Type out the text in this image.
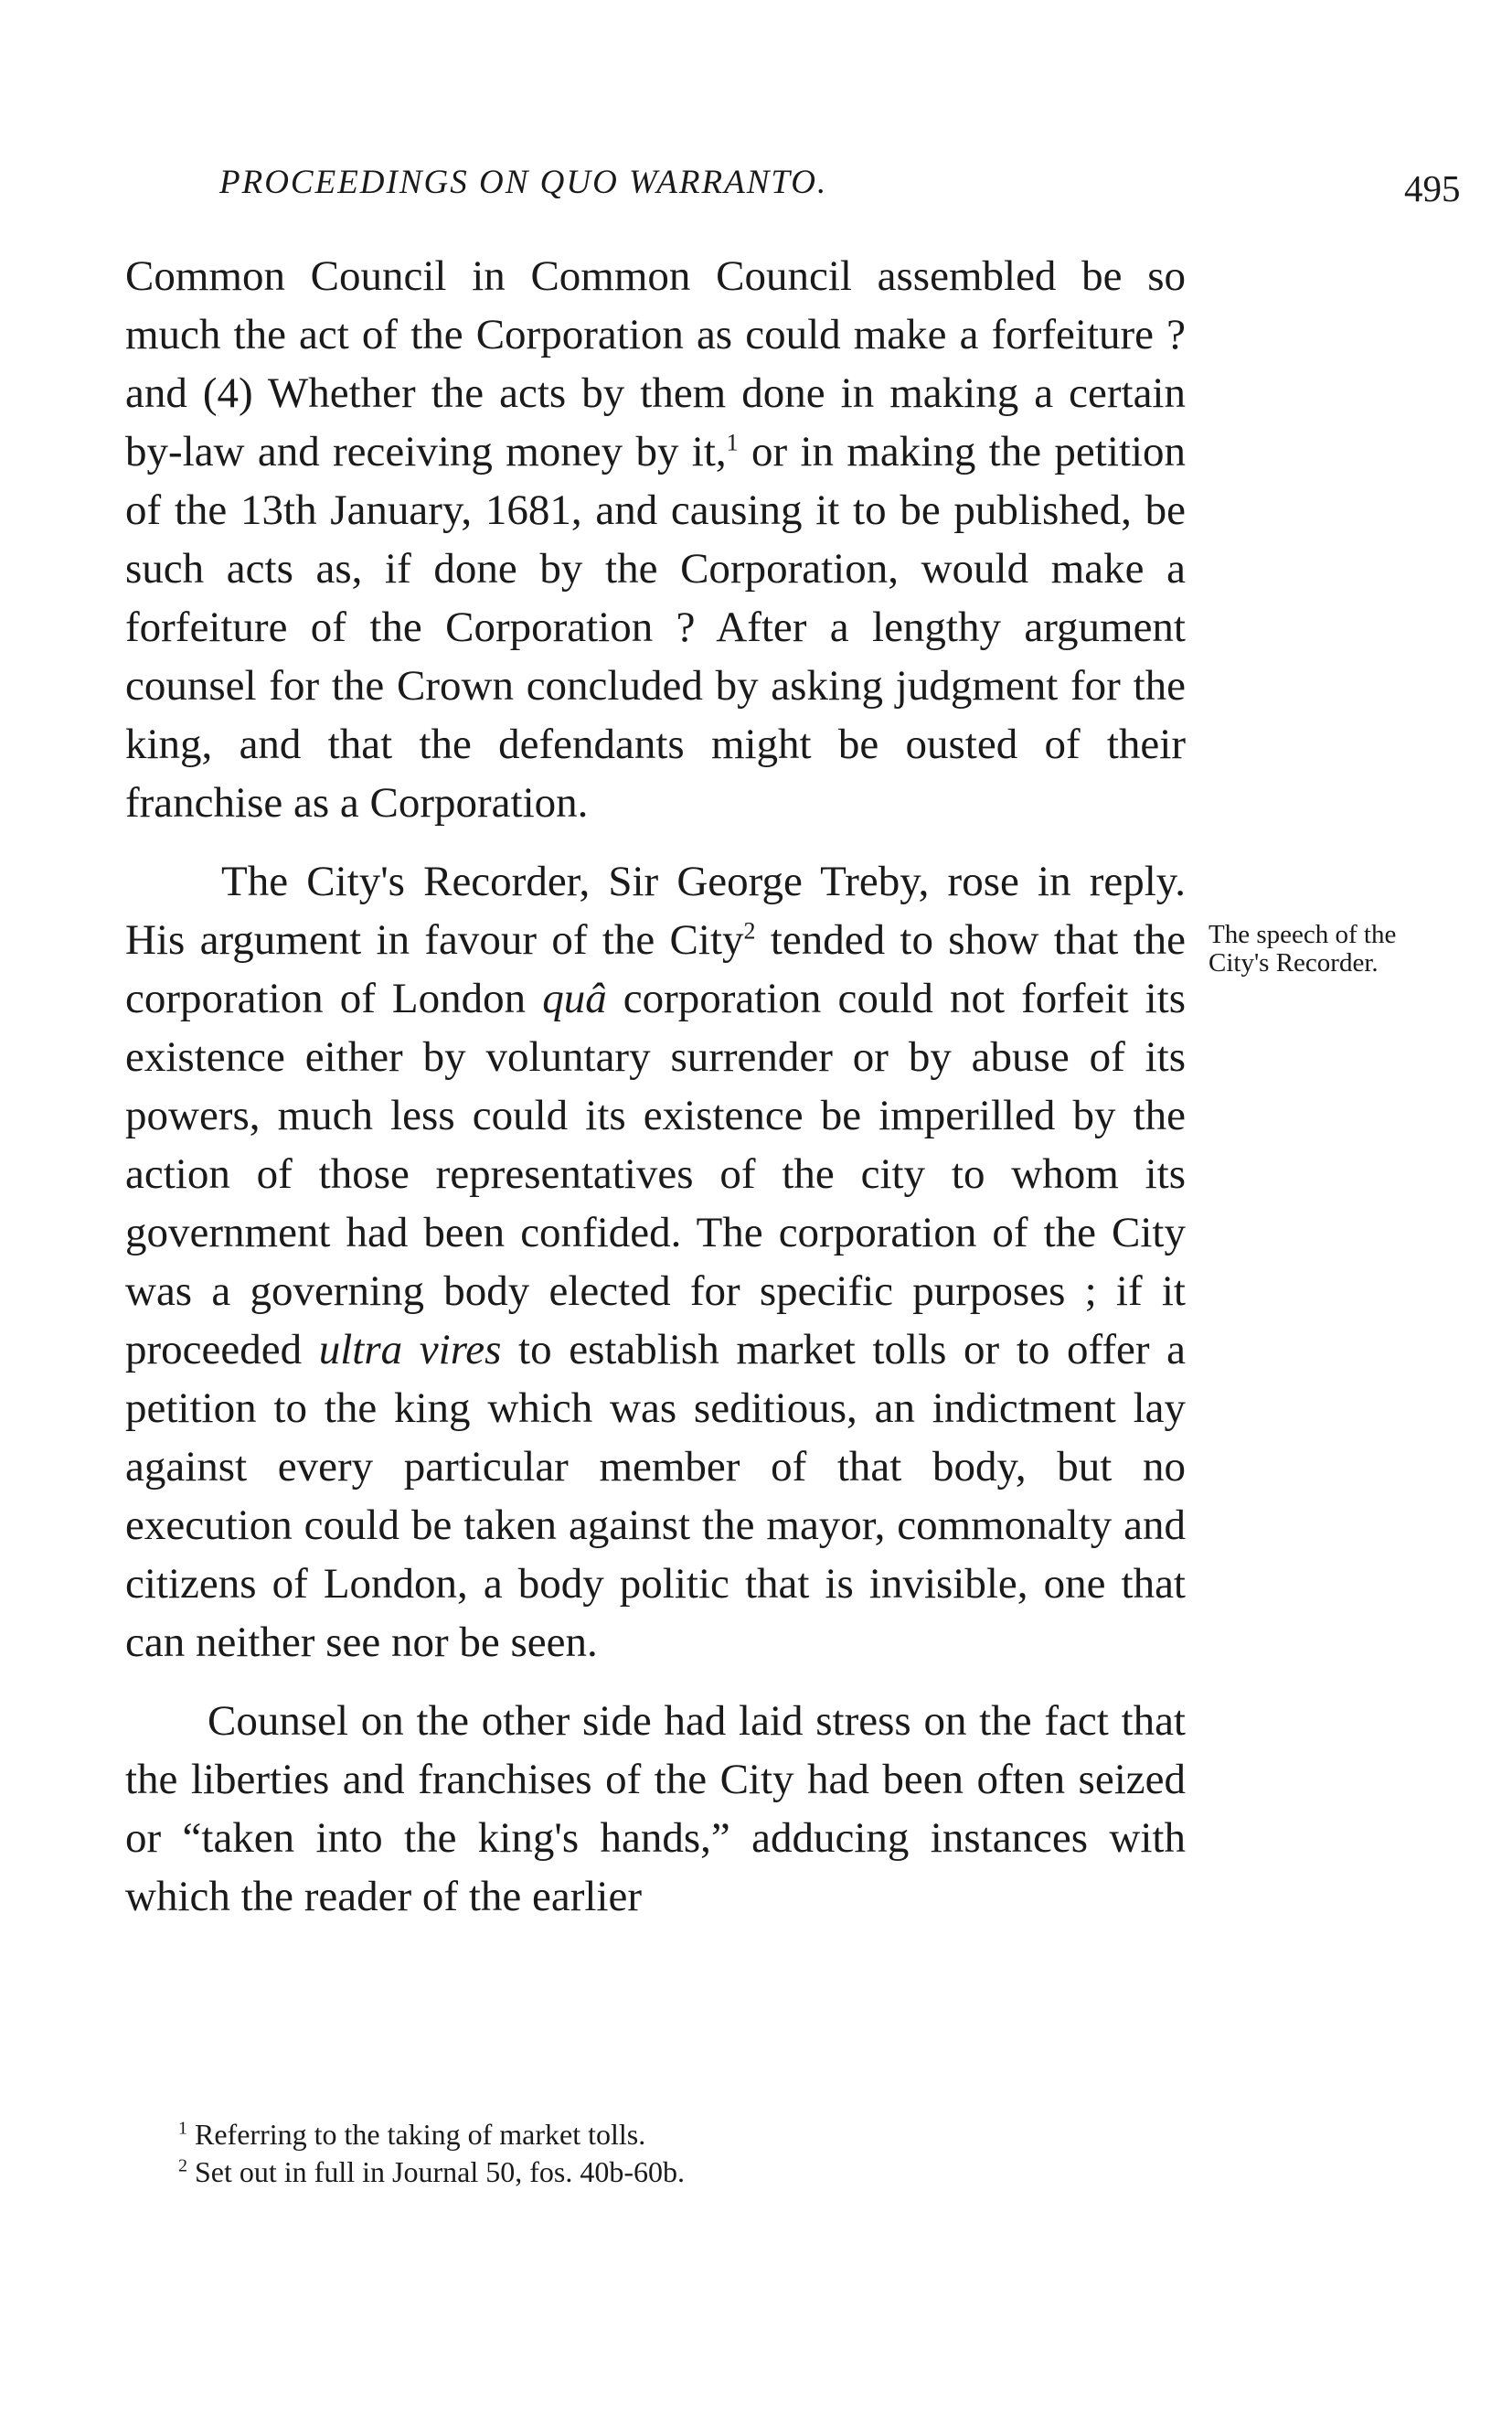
PROCEEDINGS ON QUO WARRANTO.	495

Common Council in Common Council assembled be so much the act of the Corporation as could make a forfeiture ? and (4) Whether the acts by them done in making a certain by-law and receiving money by it,$^1$ or in making the petition of the 13th January, 1681, and causing it to be published, be such acts as, if done by the Corporation, would make a forfeiture of the Corporation ? After a lengthy argument counsel for the Crown concluded by asking judgment for the king, and that the defendants might be ousted of their franchise as a Corporation.

The City's Recorder, Sir George Treby, rose in reply. His argument in favour of the City$^2$ tended to show that the corporation of London quâ corporation could not forfeit its existence either by voluntary surrender or by abuse of its powers, much less could its existence be imperilled by the action of those representatives of the city to whom its government had been confided. The corporation of the City was a governing body elected for specific purposes ; if it proceeded ultra vires to establish market tolls or to offer a petition to the king which was seditious, an indictment lay against every particular member of that body, but no execution could be taken against the mayor, commonalty and citizens of London, a body politic that is invisible, one that can neither see nor be seen.

Counsel on the other side had laid stress on the fact that the liberties and franchises of the City had been often seized or “taken into the king's hands,” adducing instances with which the reader of the earlier

The speech of the City's Recorder.
$^1$ Referring to the taking of market tolls.
$^2$ Set out in full in Journal 50, fos. 40b-60b.
